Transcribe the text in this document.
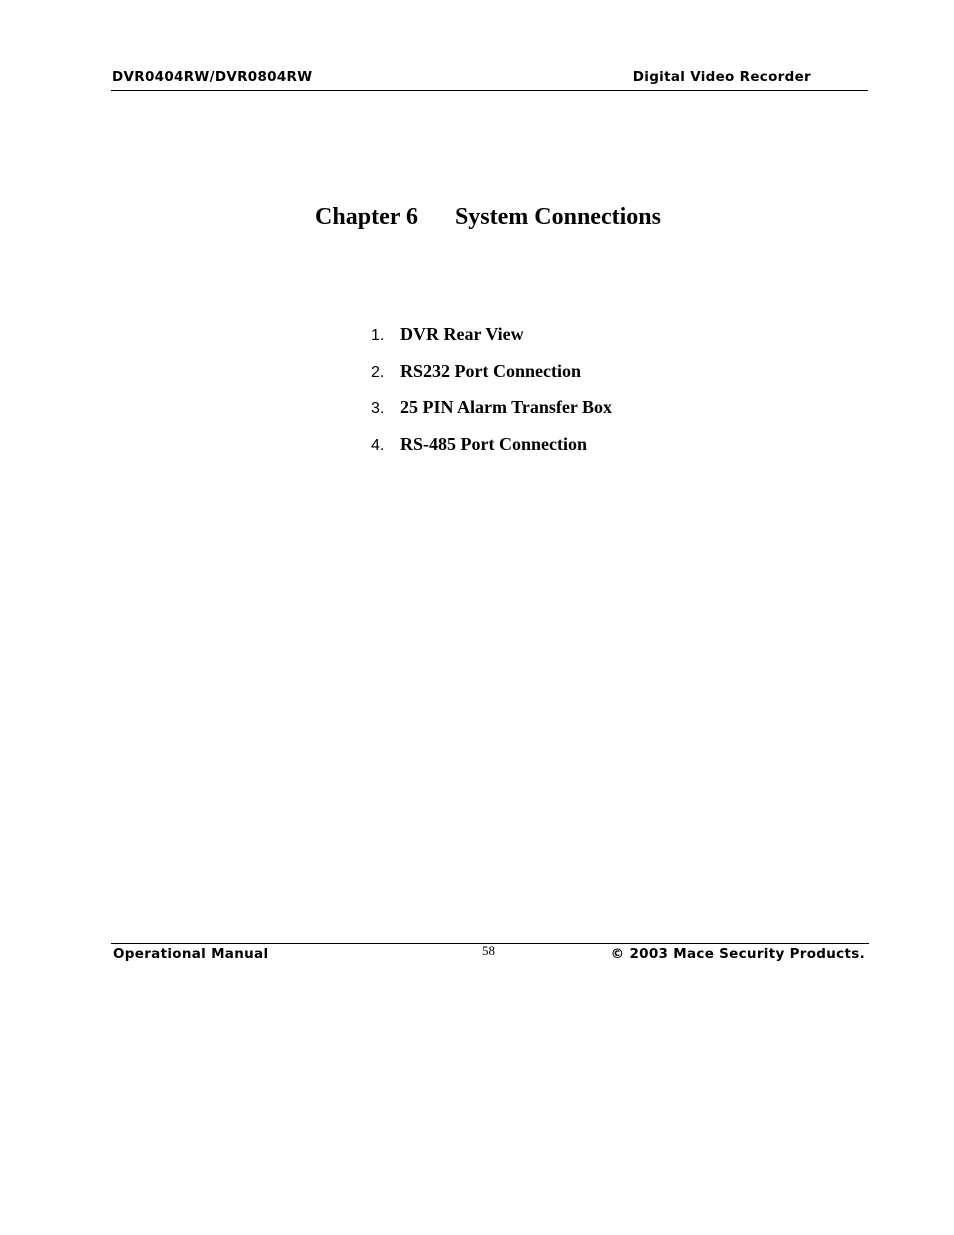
DVR0404RW/DVR0804RW	Digital Video Recorder
Chapter 6 System Connections
1. DVR Rear View
2. RS232 Port Connection
3. 25 PIN Alarm Transfer Box
4. RS-485 Port Connection
Operational Manual	58	© 2003 Mace Security Products.
